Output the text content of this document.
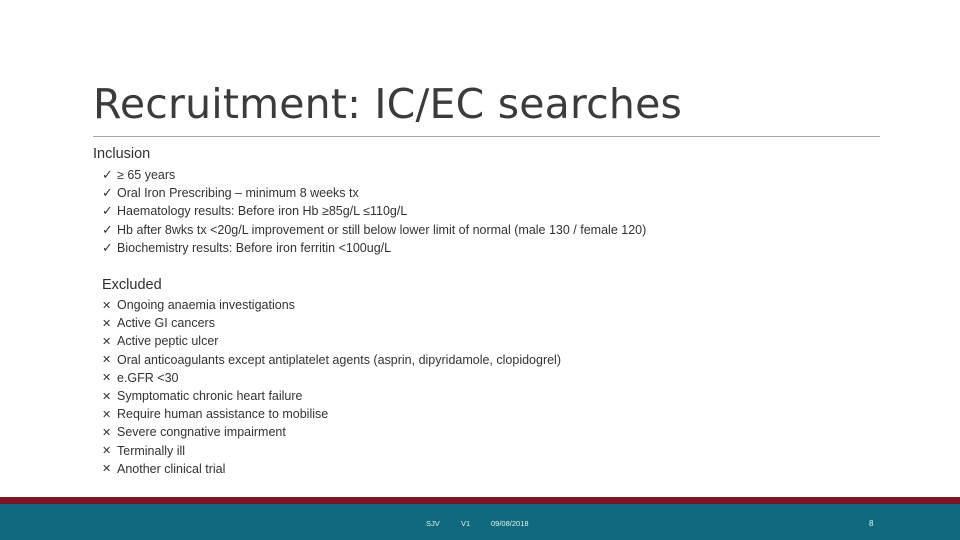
Recruitment: IC/EC searches
Inclusion
✓ ≥ 65 years
✓ Oral Iron Prescribing – minimum 8 weeks tx
✓ Haematology results: Before iron Hb ≥85g/L ≤110g/L
✓ Hb after 8wks tx <20g/L improvement or still below lower limit of normal (male 130 / female 120)
✓ Biochemistry results: Before iron ferritin <100ug/L
Excluded
✕ Ongoing anaemia investigations
✕ Active GI cancers
✕ Active peptic ulcer
✕ Oral anticoagulants except antiplatelet agents (asprin, dipyridamole, clopidogrel)
✕ e.GFR <30
✕ Symptomatic chronic heart failure
✕ Require human assistance to mobilise
✕ Severe congnative impairment
✕ Terminally ill
✕ Another clinical trial
SJV	V1	09/08/2018	8
